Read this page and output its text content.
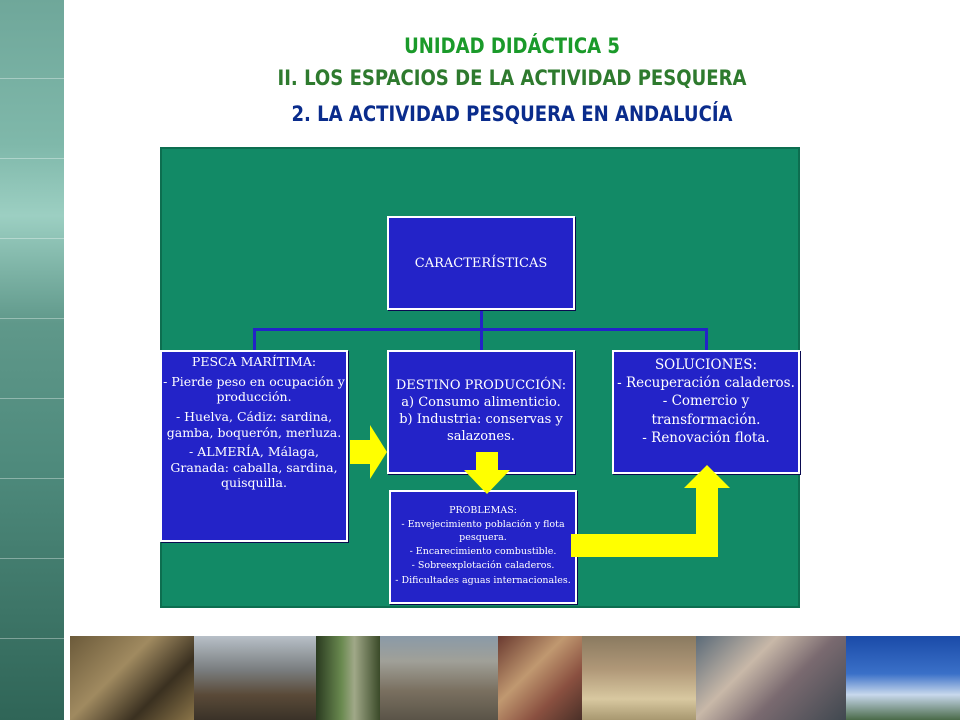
UNIDAD DIDÁCTICA 5
II. LOS ESPACIOS DE LA ACTIVIDAD PESQUERA
2. LA ACTIVIDAD PESQUERA EN ANDALUCÍA

CARACTERÍSTICAS

PESCA MARÍTIMA:

- Pierde peso en ocupación y producción.

- Huelva, Cádiz: sardina, gamba, boquerón, merluza.

- ALMERÍA, Málaga, Granada: caballa, sardina, quisquilla.

DESTINO PRODUCCIÓN:

a) Consumo alimenticio.

b) Industria: conservas y salazones.

SOLUCIONES:

- Recuperación caladeros.

- Comercio y transformación.

- Renovación flota.

PROBLEMAS:

- Envejecimiento población y flota pesquera.

- Encarecimiento combustible.

- Sobreexplotación caladeros.

- Dificultades aguas internacionales.
